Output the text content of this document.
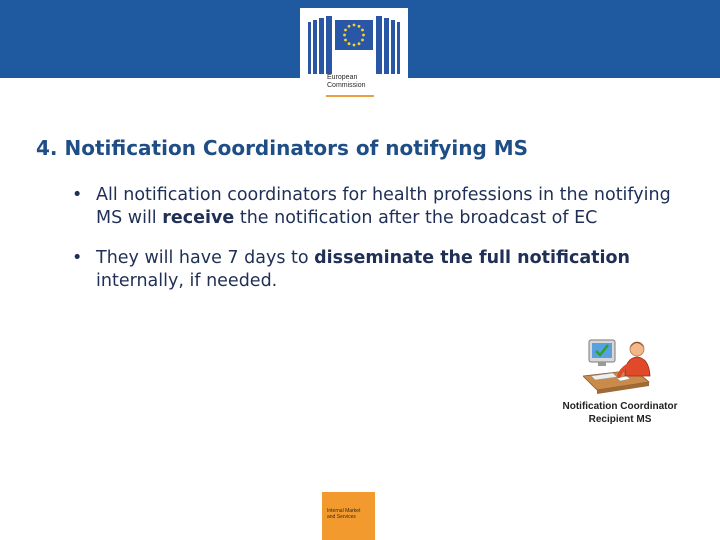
European
Commission
4. Notification Coordinators of notifying MS
• All notification coordinators for health professions in the notifying MS will receive the notification after the broadcast of EC
• They will have 7 days to disseminate the full notification internally, if needed.
Notification Coordinator
Recipient MS
Internal Market
and Services
